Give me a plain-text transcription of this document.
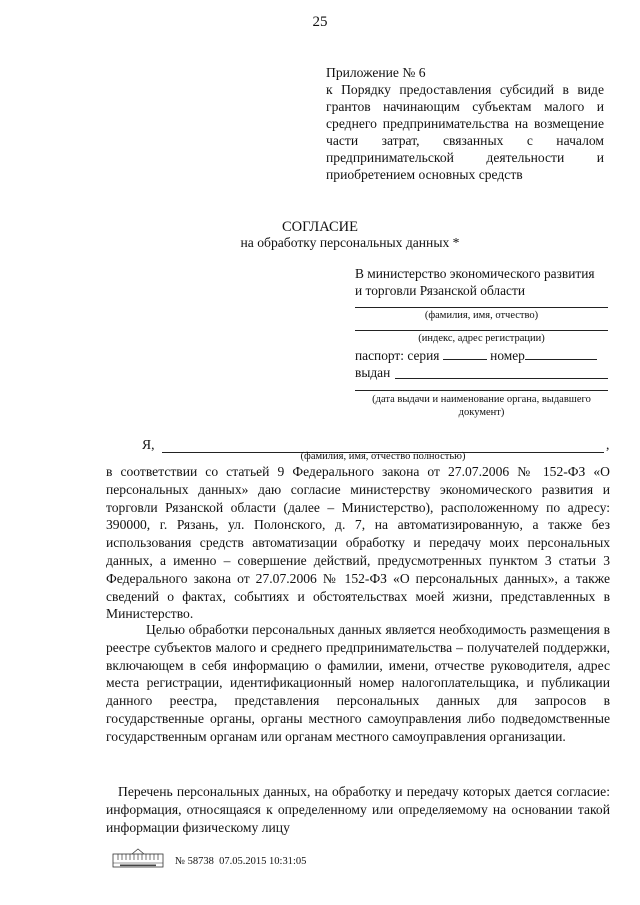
25
Приложение № 6
к Порядку предоставления субсидий в виде грантов начинающим субъектам малого и среднего предпринимательства на возмещение части затрат, связанных с началом предпринимательской деятельности и приобретением основных средств
СОГЛАСИЕ
на обработку персональных данных *
В министерство экономического развития
и торговли Рязанской области
(фамилия, имя, отчество)
(индекс, адрес регистрации)
паспорт: серия	номер
выдан
(дата выдачи и наименование органа, выдавшего документ)
Я,	,
(фамилия, имя, отчество полностью)
в соответствии со статьей 9 Федерального закона от 27.07.2006 № 152-ФЗ «О персональных данных» даю согласие министерству экономического развития и торговли Рязанской области (далее – Министерство), расположенному по адресу: 390000, г. Рязань, ул. Полонского, д. 7, на автоматизированную, а также без использования средств автоматизации обработку и передачу моих персональных данных, а именно – совершение действий, предусмотренных пунктом 3 статьи 3 Федерального закона от 27.07.2006 № 152-ФЗ «О персональных данных», а также сведений о фактах, событиях и обстоятельствах моей жизни, представленных в Министерство.
Целью обработки персональных данных является необходимость размещения в реестре субъектов малого и среднего предпринимательства – получателей поддержки, включающем в себя информацию о фамилии, имени, отчестве руководителя, адрес места регистрации, идентификационный номер налогоплательщика, и публикации данного реестра, представления персональных данных для запросов в государственные органы, органы местного самоуправления либо подведомственные государственным органам или органам местного самоуправления организации.
Перечень персональных данных, на обработку и передачу которых дается согласие: информация, относящаяся к определенному или определяемому на основании такой информации физическому лицу
№ 58738 07.05.2015 10:31:05
